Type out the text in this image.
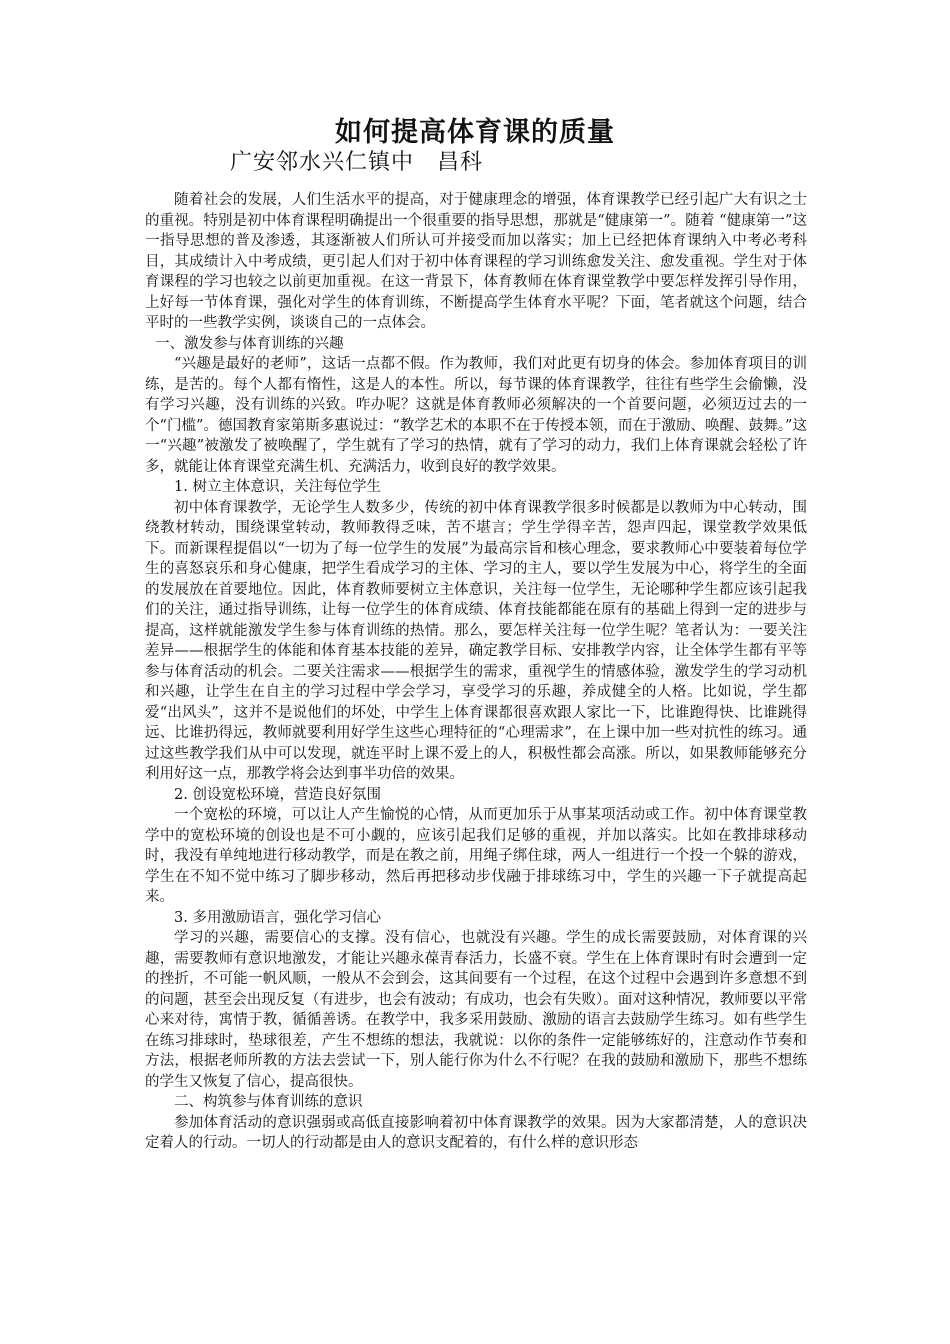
如何提高体育课的质量
广安邻水兴仁镇中　昌科

随着社会的发展，人们生活水平的提高，对于健康理念的增强，体育课教学已经引起广大有识之士的重视。特别是初中体育课程明确提出一个很重要的指导思想，那就是“健康第一”。随着 “健康第一”这一指导思想的普及渗透，其逐渐被人们所认可并接受而加以落实；加上已经把体育课纳入中考必考科目，其成绩计入中考成绩，更引起人们对于初中体育课程的学习训练愈发关注、愈发重视。学生对于体育课程的学习也较之以前更加重视。在这一背景下，体育教师在体育课堂教学中要怎样发挥引导作用，上好每一节体育课，强化对学生的体育训练，不断提高学生体育水平呢？下面，笔者就这个问题，结合平时的一些教学实例，谈谈自己的一点体会。

一、激发参与体育训练的兴趣

“兴趣是最好的老师”，这话一点都不假。作为教师，我们对此更有切身的体会。参加体育项目的训练，是苦的。每个人都有惰性，这是人的本性。所以，每节课的体育课教学，往往有些学生会偷懒，没有学习兴趣，没有训练的兴致。咋办呢？这就是体育教师必须解决的一个首要问题，必须迈过去的一个“门槛”。德国教育家第斯多惠说过：“教学艺术的本职不在于传授本领，而在于激励、唤醒、鼓舞。”这一“兴趣”被激发了被唤醒了，学生就有了学习的热情，就有了学习的动力，我们上体育课就会轻松了许多，就能让体育课堂充满生机、充满活力，收到良好的教学效果。

1. 树立主体意识，关注每位学生

初中体育课教学，无论学生人数多少，传统的初中体育课教学很多时候都是以教师为中心转动，围绕教材转动，围绕课堂转动，教师教得乏味，苦不堪言；学生学得辛苦，怨声四起，课堂教学效果低下。而新课程提倡以“一切为了每一位学生的发展”为最高宗旨和核心理念，要求教师心中要装着每位学生的喜怒哀乐和身心健康，把学生看成学习的主体、学习的主人，要以学生发展为中心，将学生的全面的发展放在首要地位。因此，体育教师要树立主体意识，关注每一位学生，无论哪种学生都应该引起我们的关注，通过指导训练，让每一位学生的体育成绩、体育技能都能在原有的基础上得到一定的进步与提高，这样就能激发学生参与体育训练的热情。那么，要怎样关注每一位学生呢？笔者认为：一要关注差异——根据学生的体能和体育基本技能的差异，确定教学目标、安排教学内容，让全体学生都有平等参与体育活动的机会。二要关注需求——根据学生的需求，重视学生的情感体验，激发学生的学习动机和兴趣，让学生在自主的学习过程中学会学习，享受学习的乐趣，养成健全的人格。比如说，学生都爱“出风头”，这并不是说他们的坏处，中学生上体育课都很喜欢跟人家比一下，比谁跑得快、比谁跳得远、比谁扔得远，教师就要利用好学生这些心理特征的“心理需求”，在上课中加一些对抗性的练习。通过这些教学我们从中可以发现，就连平时上课不爱上的人，积极性都会高涨。所以，如果教师能够充分利用好这一点，那教学将会达到事半功倍的效果。

2. 创设宽松环境，营造良好氛围

一个宽松的环境，可以让人产生愉悦的心情，从而更加乐于从事某项活动或工作。初中体育课堂教学中的宽松环境的创设也是不可小觑的，应该引起我们足够的重视，并加以落实。比如在教排球移动时，我没有单纯地进行移动教学，而是在教之前，用绳子绑住球，两人一组进行一个投一个躲的游戏，学生在不知不觉中练习了脚步移动，然后再把移动步伐融于排球练习中，学生的兴趣一下子就提高起来。

3. 多用激励语言，强化学习信心

学习的兴趣，需要信心的支撑。没有信心，也就没有兴趣。学生的成长需要鼓励，对体育课的兴趣，需要教师有意识地激发，才能让兴趣永葆青春活力，长盛不衰。学生在上体育课时有时会遭到一定的挫折，不可能一帆风顺，一般从不会到会，这其间要有一个过程，在这个过程中会遇到许多意想不到的问题，甚至会出现反复（有进步，也会有波动；有成功，也会有失败）。面对这种情况，教师要以平常心来对待，寓情于教，循循善诱。在教学中，我多采用鼓励、激励的语言去鼓励学生练习。如有些学生在练习排球时，垫球很差，产生不想练的想法，我就说：以你的条件一定能够练好的，注意动作节奏和方法，根据老师所教的方法去尝试一下，别人能行你为什么不行呢？在我的鼓励和激励下，那些不想练的学生又恢复了信心，提高很快。

二、构筑参与体育训练的意识

参加体育活动的意识强弱或高低直接影响着初中体育课教学的效果。因为大家都清楚，人的意识决定着人的行动。一切人的行动都是由人的意识支配着的，有什么样的意识形态
